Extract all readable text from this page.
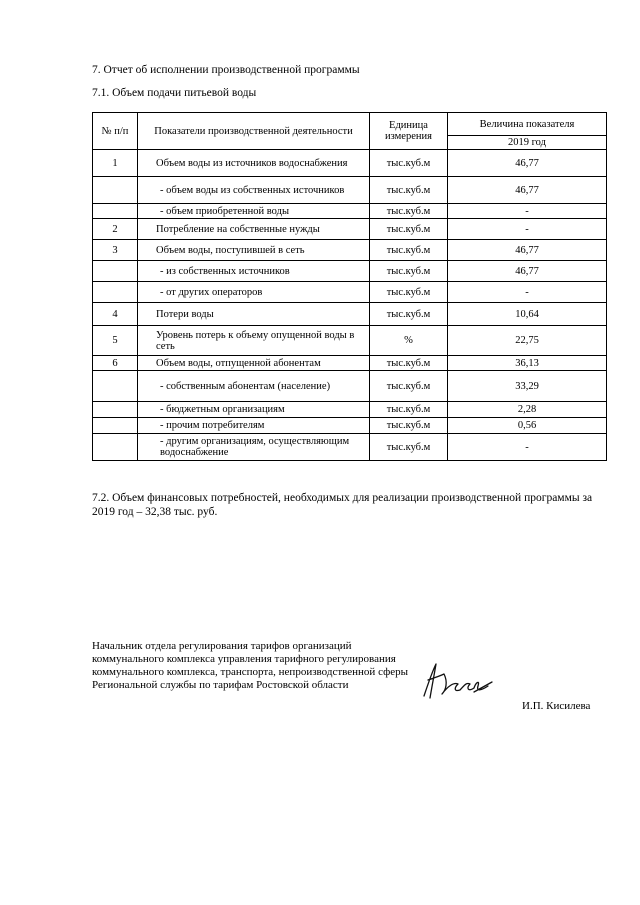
7. Отчет об исполнении производственной программы
7.1. Объем подачи питьевой воды
№ п/п	Показатели производственной деятельности	Единица измерения	Величина показателя
			2019 год
1	Объем воды из источников водоснабжения	тыс.куб.м	46,77
	- объем воды из собственных источников	тыс.куб.м	46,77
	- объем приобретенной воды	тыс.куб.м	-
2	Потребление на собственные нужды	тыс.куб.м	-
3	Объем воды, поступившей в сеть	тыс.куб.м	46,77
	- из собственных источников	тыс.куб.м	46,77
	- от других операторов	тыс.куб.м	-
4	Потери воды	тыс.куб.м	10,64
5	Уровень потерь к объему опущенной воды в сеть	%	22,75
6	Объем воды, отпущенной абонентам	тыс.куб.м	36,13
	- собственным абонентам (население)	тыс.куб.м	33,29
	- бюджетным организациям	тыс.куб.м	2,28
	- прочим потребителям	тыс.куб.м	0,56
	- другим организациям, осуществляющим водоснабжение	тыс.куб.м	-
7.2. Объем финансовых потребностей, необходимых для реализации производственной программы за 2019 год – 32,38 тыс. руб.
Начальник отдела регулирования тарифов организаций коммунального комплекса управления тарифного регулирования коммунального комплекса, транспорта, непроизводственной сферы Региональной службы по тарифам Ростовской области
И.П. Кисилева
